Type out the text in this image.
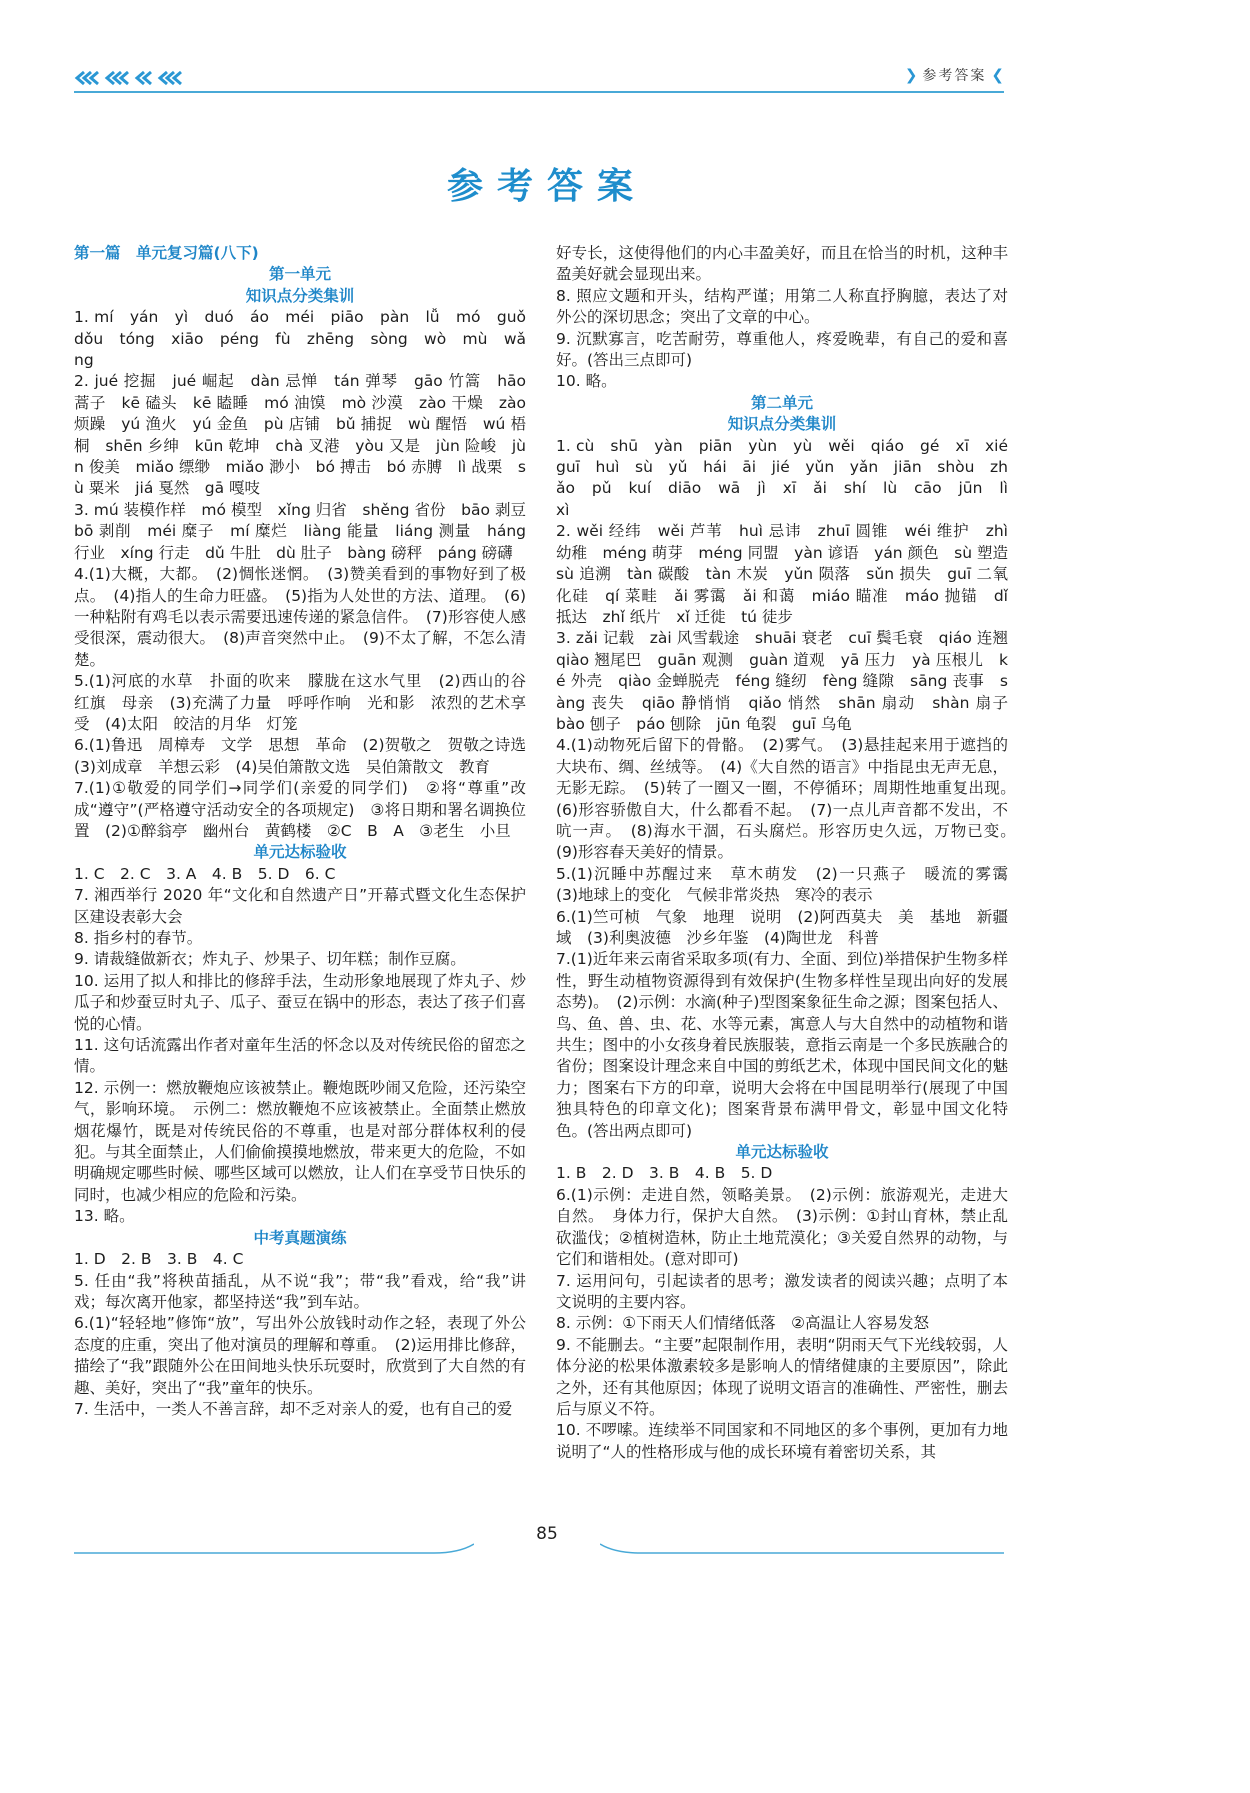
❯ 参考答案 ❮
参考答案

第一篇　单元复习篇(八下)

第一单元

知识点分类集训

1. mí　yán　yì　duó　áo　méi　piāo　pàn　lǚ　mó　guǒ　dǒu　tóng　xiāo　péng　fù　zhēng　sòng　wò　mù　wǎng

2. jué 挖掘　jué 崛起　dàn 忌惮　tán 弹琴　gāo 竹篙　hāo 蒿子　kē 磕头　kē 瞌睡　mó 油馍　mò 沙漠　zào 干燥　zào 烦躁　yú 渔火　yú 金鱼　pù 店铺　bǔ 捕捉　wù 醒悟　wú 梧桐　shēn 乡绅　kūn 乾坤　chà 叉港　yòu 又是　jùn 险峻　jùn 俊美　miǎo 缥缈　miǎo 渺小　bó 搏击　bó 赤膊　lì 战栗　sù 粟米　jiá 戛然　gā 嘎吱

3. mú 装模作样　mó 模型　xǐng 归省　shěng 省份　bāo 剥豆　bō 剥削　méi 糜子　mí 糜烂　liàng 能量　liáng 测量　háng 行业　xíng 行走　dǔ 牛肚　dù 肚子　bàng 磅秤　páng 磅礴

4.(1)大概，大都。　(2)惆怅迷惘。　(3)赞美看到的事物好到了极点。　(4)指人的生命力旺盛。　(5)指为人处世的方法、道理。　(6)一种粘附有鸡毛以表示需要迅速传递的紧急信件。　(7)形容使人感受很深，震动很大。　(8)声音突然中止。　(9)不太了解，不怎么清楚。

5.(1)河底的水草　扑面的吹来　朦胧在这水气里　(2)西山的谷　红旗　母亲　(3)充满了力量　呼呼作响　光和影　浓烈的艺术享受　(4)太阳　皎洁的月华　灯笼

6.(1)鲁迅　周樟寿　文学　思想　革命　(2)贺敬之　贺敬之诗选　(3)刘成章　羊想云彩　(4)吴伯箫散文选　吴伯箫散文　教育

7.(1)①敬爱的同学们→同学们(亲爱的同学们)　②将“尊重”改成“遵守”(严格遵守活动安全的各项规定)　③将日期和署名调换位置　(2)①醉翁亭　幽州台　黄鹤楼　②C　B　A　③老生　小旦

单元达标验收

1. C　2. C　3. A　4. B　5. D　6. C

7. 湘西举行 2020 年“文化和自然遗产日”开幕式暨文化生态保护区建设表彰大会

8. 指乡村的春节。

9. 请裁缝做新衣；炸丸子、炒果子、切年糕；制作豆腐。

10. 运用了拟人和排比的修辞手法，生动形象地展现了炸丸子、炒瓜子和炒蚕豆时丸子、瓜子、蚕豆在锅中的形态，表达了孩子们喜悦的心情。

11. 这句话流露出作者对童年生活的怀念以及对传统民俗的留恋之情。

12. 示例一：燃放鞭炮应该被禁止。鞭炮既吵闹又危险，还污染空气，影响环境。　示例二：燃放鞭炮不应该被禁止。全面禁止燃放烟花爆竹，既是对传统民俗的不尊重，也是对部分群体权利的侵犯。与其全面禁止，人们偷偷摸摸地燃放，带来更大的危险，不如明确规定哪些时候、哪些区域可以燃放，让人们在享受节日快乐的同时，也减少相应的危险和污染。

13. 略。

中考真题演练

1. D　2. B　3. B　4. C

5. 任由“我”将秧苗插乱，从不说“我”；带“我”看戏，给“我”讲戏；每次离开他家，都坚持送“我”到车站。

6.(1)“轻轻地”修饰“放”，写出外公放钱时动作之轻，表现了外公态度的庄重，突出了他对演员的理解和尊重。　(2)运用排比修辞，描绘了“我”跟随外公在田间地头快乐玩耍时，欣赏到了大自然的有趣、美好，突出了“我”童年的快乐。

7. 生活中，一类人不善言辞，却不乏对亲人的爱，也有自己的爱

好专长，这使得他们的内心丰盈美好，而且在恰当的时机，这种丰盈美好就会显现出来。

8. 照应文题和开头，结构严谨；用第二人称直抒胸臆，表达了对外公的深切思念；突出了文章的中心。

9. 沉默寡言，吃苦耐劳，尊重他人，疼爱晚辈，有自己的爱和喜好。(答出三点即可)

10. 略。

第二单元

知识点分类集训

1. cù　shū　yàn　piān　yùn　yù　wěi　qiáo　gé　xī　xié　guī　huì　sù　yǔ　hái　āi　jié　yǔn　yǎn　jiān　shòu　zhǎo　pǔ　kuí　diāo　wā　jì　xī　ǎi　shí　lù　cāo　jūn　lì　xì

2. wěi 经纬　wěi 芦苇　huì 忌讳　zhuī 圆锥　wéi 维护　zhì 幼稚　méng 萌芽　méng 同盟　yàn 谚语　yán 颜色　sù 塑造　sù 追溯　tàn 碳酸　tàn 木炭　yǔn 陨落　sǔn 损失　guī 二氧化硅　qí 菜畦　ǎi 雾霭　ǎi 和蔼　miáo 瞄准　máo 抛锚　dǐ 抵达　zhǐ 纸片　xǐ 迁徙　tú 徒步

3. zǎi 记载　zài 风雪载途　shuāi 衰老　cuī 鬓毛衰　qiáo 连翘　qiào 翘尾巴　guān 观测　guàn 道观　yā 压力　yà 压根儿　ké 外壳　qiào 金蝉脱壳　féng 缝纫　fèng 缝隙　sāng 丧事　sàng 丧失　qiāo 静悄悄　qiǎo 悄然　shān 扇动　shàn 扇子　bào 刨子　páo 刨除　jūn 龟裂　guī 乌龟

4.(1)动物死后留下的骨骼。　(2)雾气。　(3)悬挂起来用于遮挡的大块布、绸、丝绒等。　(4)《大自然的语言》中指昆虫无声无息，无影无踪。　(5)转了一圈又一圈，不停循环；周期性地重复出现。　(6)形容骄傲自大，什么都看不起。　(7)一点儿声音都不发出，不吭一声。　(8)海水干涸，石头腐烂。形容历史久远，万物已变。　(9)形容春天美好的情景。

5.(1)沉睡中苏醒过来　草木萌发　(2)一只燕子　暖流的雾霭　(3)地球上的变化　气候非常炎热　寒冷的表示

6.(1)竺可桢　气象　地理　说明　(2)阿西莫夫　美　基地　新疆域　(3)利奥波德　沙乡年鉴　(4)陶世龙　科普

7.(1)近年来云南省采取多项(有力、全面、到位)举措保护生物多样性，野生动植物资源得到有效保护(生物多样性呈现出向好的发展态势)。　(2)示例：水滴(种子)型图案象征生命之源；图案包括人、鸟、鱼、兽、虫、花、水等元素，寓意人与大自然中的动植物和谐共生；图中的小女孩身着民族服装，意指云南是一个多民族融合的省份；图案设计理念来自中国的剪纸艺术，体现中国民间文化的魅力；图案右下方的印章，说明大会将在中国昆明举行(展现了中国独具特色的印章文化)；图案背景布满甲骨文，彰显中国文化特色。(答出两点即可)

单元达标验收

1. B　2. D　3. B　4. B　5. D

6.(1)示例：走进自然，领略美景。　(2)示例：旅游观光，走进大自然。　身体力行，保护大自然。　(3)示例：①封山育林，禁止乱砍滥伐；②植树造林，防止土地荒漠化；③关爱自然界的动物，与它们和谐相处。(意对即可)

7. 运用问句，引起读者的思考；激发读者的阅读兴趣；点明了本文说明的主要内容。

8. 示例：①下雨天人们情绪低落　②高温让人容易发怒

9. 不能删去。“主要”起限制作用，表明“阴雨天气下光线较弱，人体分泌的松果体激素较多是影响人的情绪健康的主要原因”，除此之外，还有其他原因；体现了说明文语言的准确性、严密性，删去后与原义不符。

10. 不啰嗦。连续举不同国家和不同地区的多个事例，更加有力地说明了“人的性格形成与他的成长环境有着密切关系，其

85
